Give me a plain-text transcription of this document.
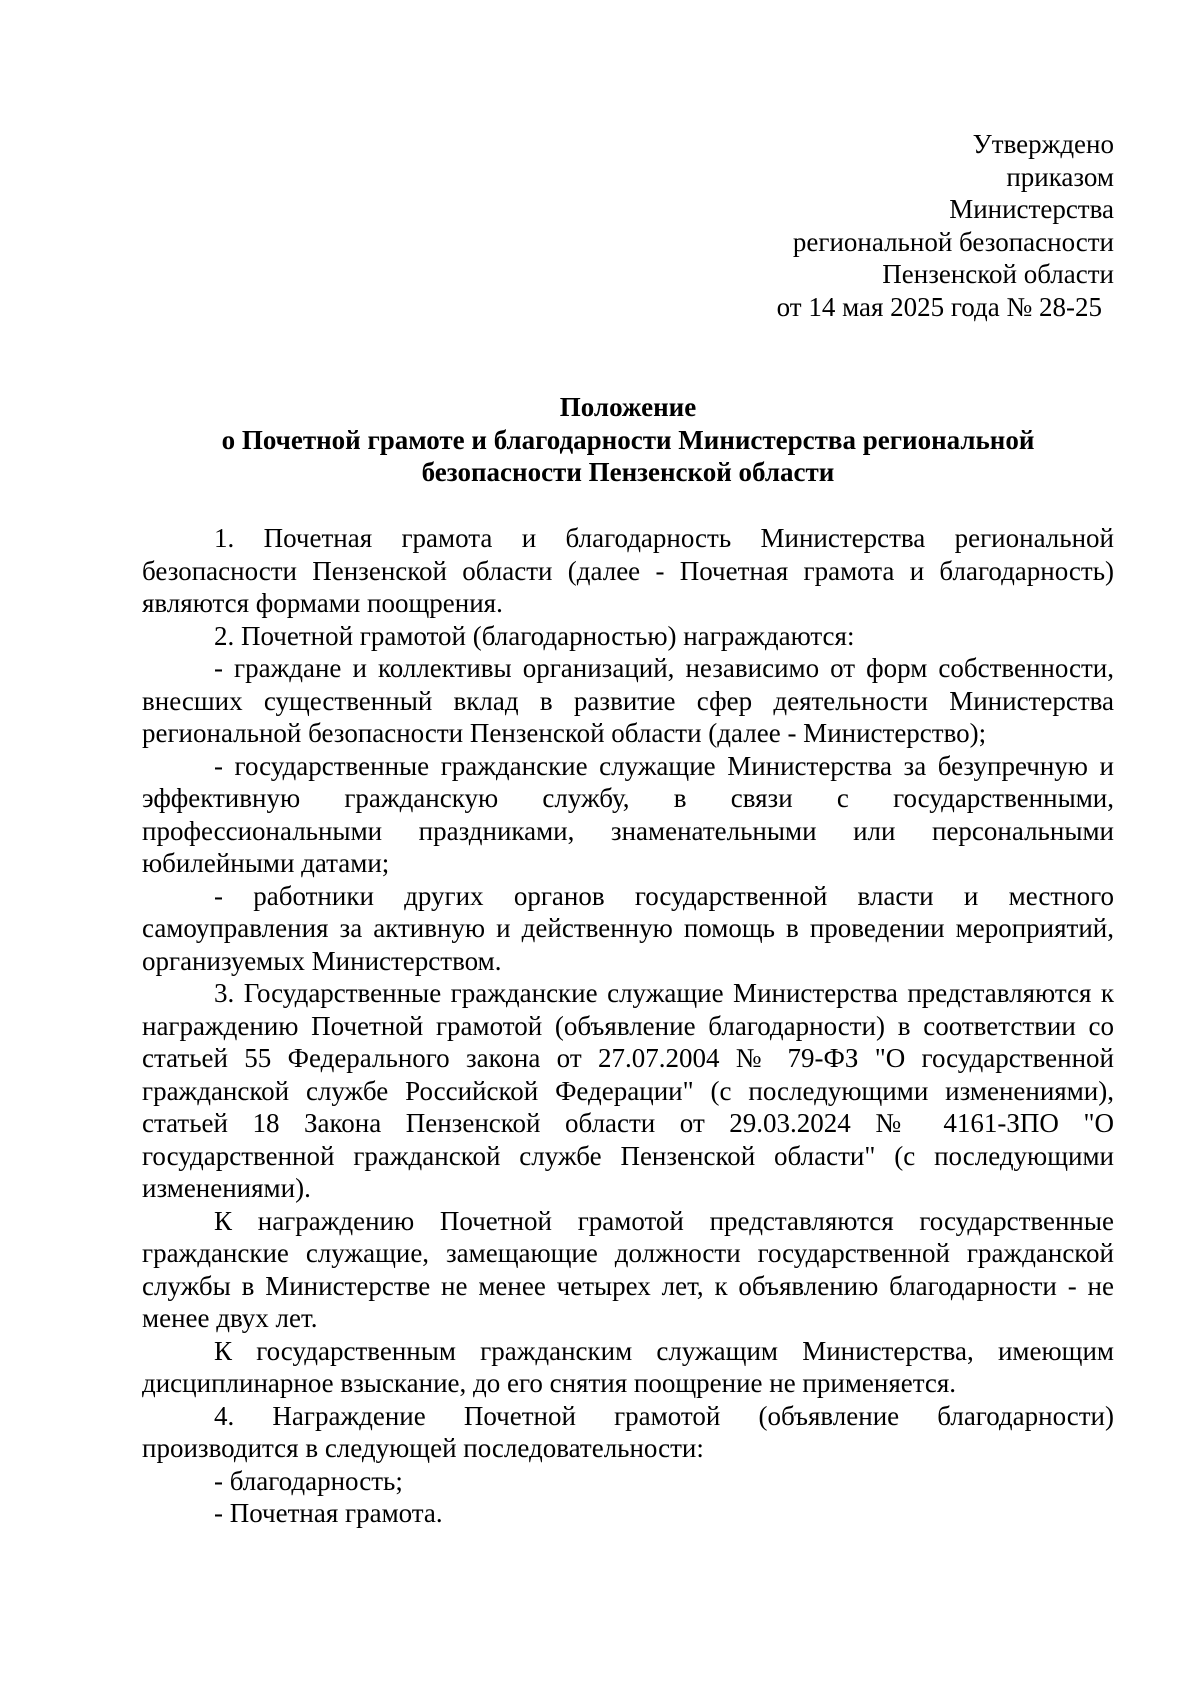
Утверждено
приказом
Министерства
региональной безопасности
Пензенской области
от 14 мая 2025 года № 28-25
Положение
о Почетной грамоте и благодарности Министерства региональной
безопасности Пензенской области

1. Почетная грамота и благодарность Министерства региональной безопасности Пензенской области (далее - Почетная грамота и благодарность) являются формами поощрения.

2. Почетной грамотой (благодарностью) награждаются:

- граждане и коллективы организаций, независимо от форм собственности, внесших существенный вклад в развитие сфер деятельности Министерства региональной безопасности Пензенской области (далее - Министерство);

- государственные гражданские служащие Министерства за безупречную и эффективную гражданскую службу, в связи с государственными, профессиональными праздниками, знаменательными или персональными юбилейными датами;

- работники других органов государственной власти и местного самоуправления за активную и действенную помощь в проведении мероприятий, организуемых Министерством.

3. Государственные гражданские служащие Министерства представляются к награждению Почетной грамотой (объявление благодарности) в соответствии со статьей 55 Федерального закона от 27.07.2004 № 79-ФЗ "О государственной гражданской службе Российской Федерации" (с последующими изменениями), статьей 18 Закона Пензенской области от 29.03.2024 № 4161-ЗПО "О государственной гражданской службе Пензенской области" (с последующими изменениями).

К награждению Почетной грамотой представляются государственные гражданские служащие, замещающие должности государственной гражданской службы в Министерстве не менее четырех лет, к объявлению благодарности - не менее двух лет.

К государственным гражданским служащим Министерства, имеющим дисциплинарное взыскание, до его снятия поощрение не применяется.

4. Награждение Почетной грамотой (объявление благодарности) производится в следующей последовательности:

- благодарность;

- Почетная грамота.
